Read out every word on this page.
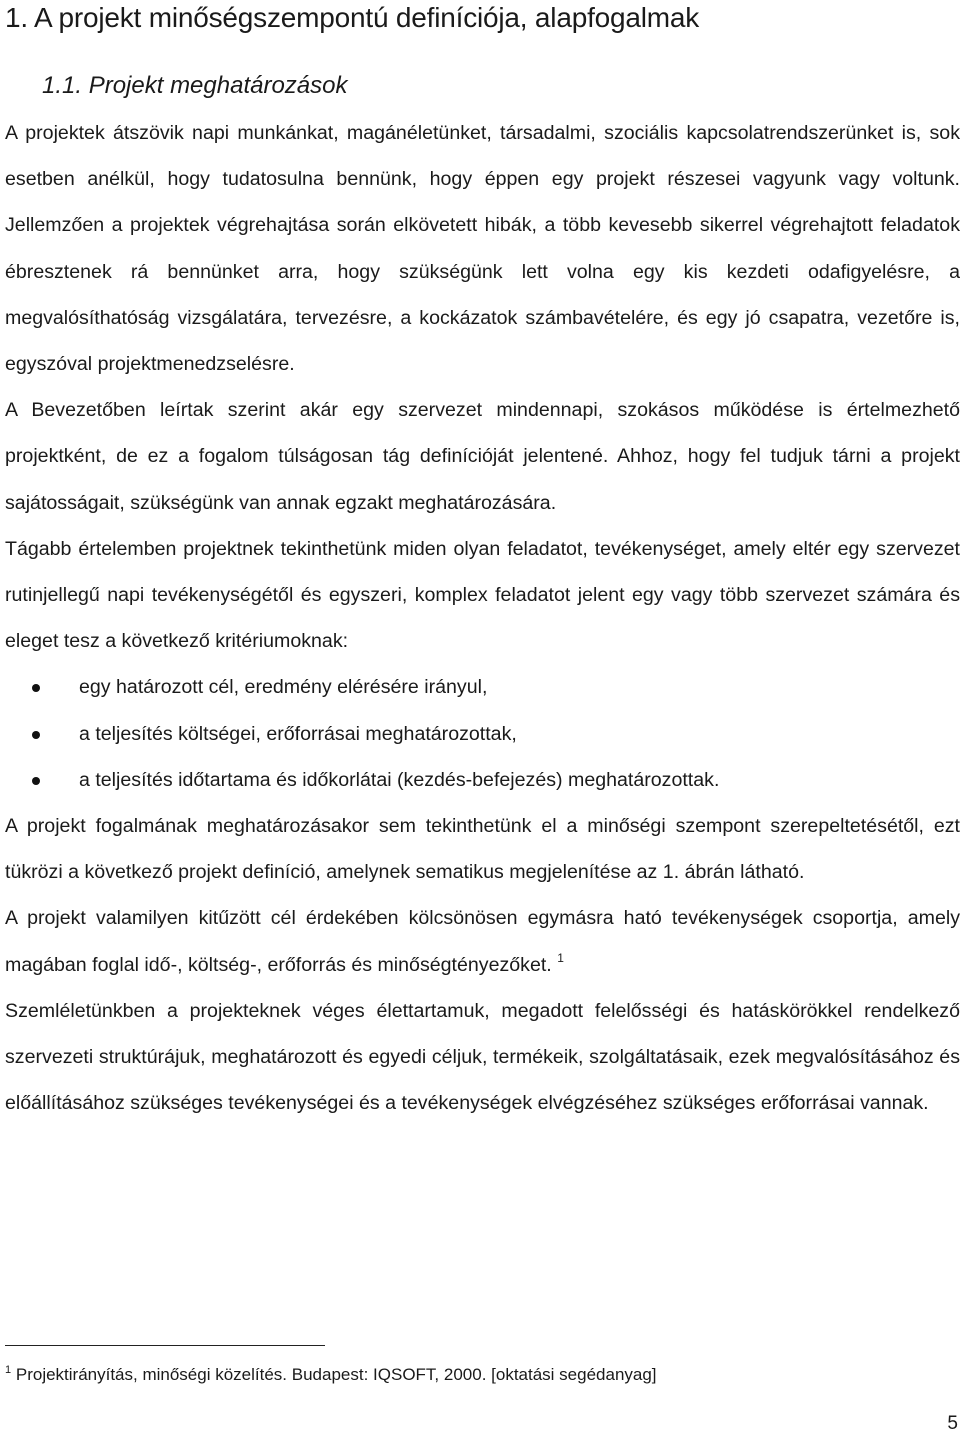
1. A projekt minőségszempontú definíciója, alapfogalmak
1.1. Projekt meghatározások

A projektek átszövik napi munkánkat, magánéletünket, társadalmi, szociális kapcsolatrendszerünket is, sok esetben anélkül, hogy tudatosulna bennünk, hogy éppen egy projekt részesei vagyunk vagy voltunk. Jellemzően a projektek végrehajtása során elkövetett hibák, a több kevesebb sikerrel végrehajtott feladatok ébresztenek rá bennünket arra, hogy szükségünk lett volna egy kis kezdeti odafigyelésre, a megvalósíthatóság vizsgálatára, tervezésre, a kockázatok számbavételére, és egy jó csapatra, vezetőre is, egyszóval projektmenedzselésre.

A Bevezetőben leírtak szerint akár egy szervezet mindennapi, szokásos működése is értelmezhető projektként, de ez a fogalom túlságosan tág definícióját jelentené. Ahhoz, hogy fel tudjuk tárni a projekt sajátosságait, szükségünk van annak egzakt meghatározására.

Tágabb értelemben projektnek tekinthetünk miden olyan feladatot, tevékenységet, amely eltér egy szervezet rutinjellegű napi tevékenységétől és egyszeri, komplex feladatot jelent egy vagy több szervezet számára és eleget tesz a következő kritériumoknak:

egy határozott cél, eredmény elérésére irányul,
a teljesítés költségei, erőforrásai meghatározottak,
a teljesítés időtartama és időkorlátai (kezdés-befejezés) meghatározottak.

A projekt fogalmának meghatározásakor sem tekinthetünk el a minőségi szempont szerepeltetésétől, ezt tükrözi a következő projekt definíció, amelynek sematikus megjelenítése az 1. ábrán látható.

A projekt valamilyen kitűzött cél érdekében kölcsönösen egymásra ható tevékenységek csoportja, amely magában foglal idő-, költség-, erőforrás és minőségtényezőket. $^1$

Szemléletünkben a projekteknek véges élettartamuk, megadott felelősségi és hatáskörökkel rendelkező szervezeti struktúrájuk, meghatározott és egyedi céljuk, termékeik, szolgáltatásaik, ezek megvalósításához és előállításához szükséges tevékenységei és a tevékenységek elvégzéséhez szükséges erőforrásai vannak.

$^1$ Projektirányítás, minőségi közelítés. Budapest: IQSOFT, 2000. [oktatási segédanyag]
5
